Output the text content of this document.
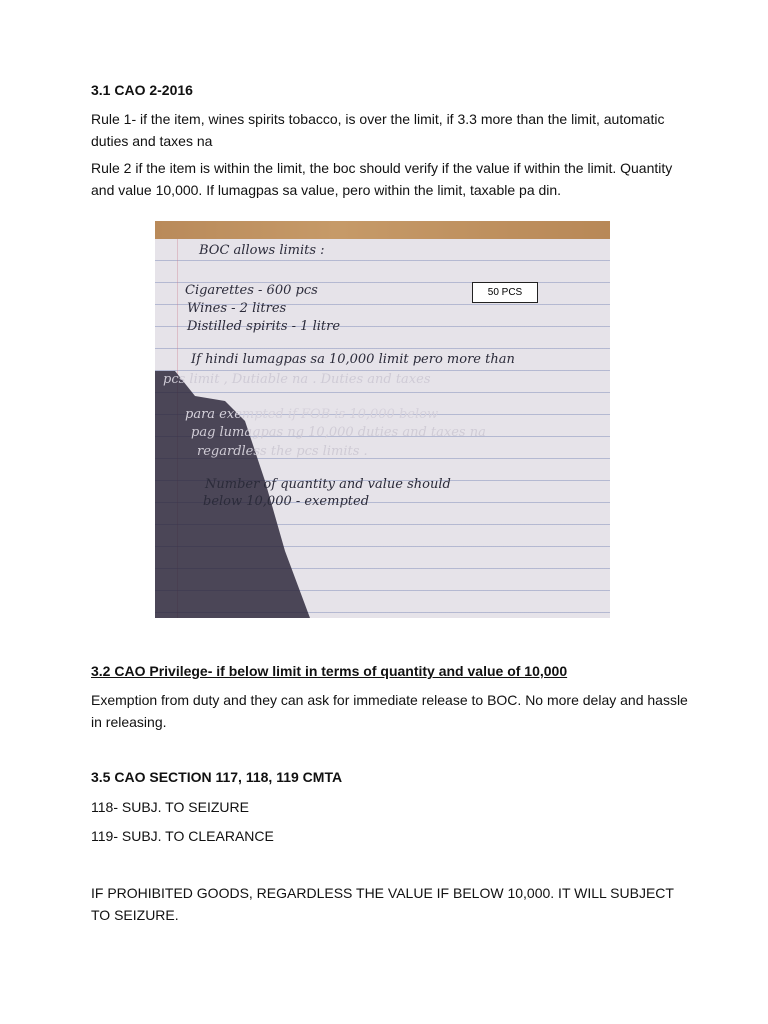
3.1 CAO 2-2016

Rule 1- if the item, wines spirits tobacco, is over the limit, if 3.3 more than the limit, automatic duties and taxes na

Rule 2 if the item is within the limit, the boc should verify if the value if within the limit. Quantity and value 10,000. If lumagpas sa value, pero within the limit, taxable pa din.

BOC allows limits :
Cigarettes - 600 pcs
Wines - 2 litres
Distilled spirits - 1 litre
If hindi lumagpas sa 10,000 limit pero more than
pcs limit , Dutiable na . Duties and taxes
para exempted if FOB is 10,000 below
pag lumagpas ng 10,000 duties and taxes na
regardless the pcs limits .
Number of quantity and value should
below 10,000 - exempted
50 PCS

3.2 CAO Privilege- if below limit in terms of quantity and value of 10,000

Exemption from duty and they can ask for immediate release to BOC. No more delay and hassle in releasing.

3.5 CAO SECTION 117, 118, 119 CMTA

118- SUBJ. TO SEIZURE

119- SUBJ. TO CLEARANCE

IF PROHIBITED GOODS, REGARDLESS THE VALUE IF BELOW 10,000. IT WILL SUBJECT TO SEIZURE.
